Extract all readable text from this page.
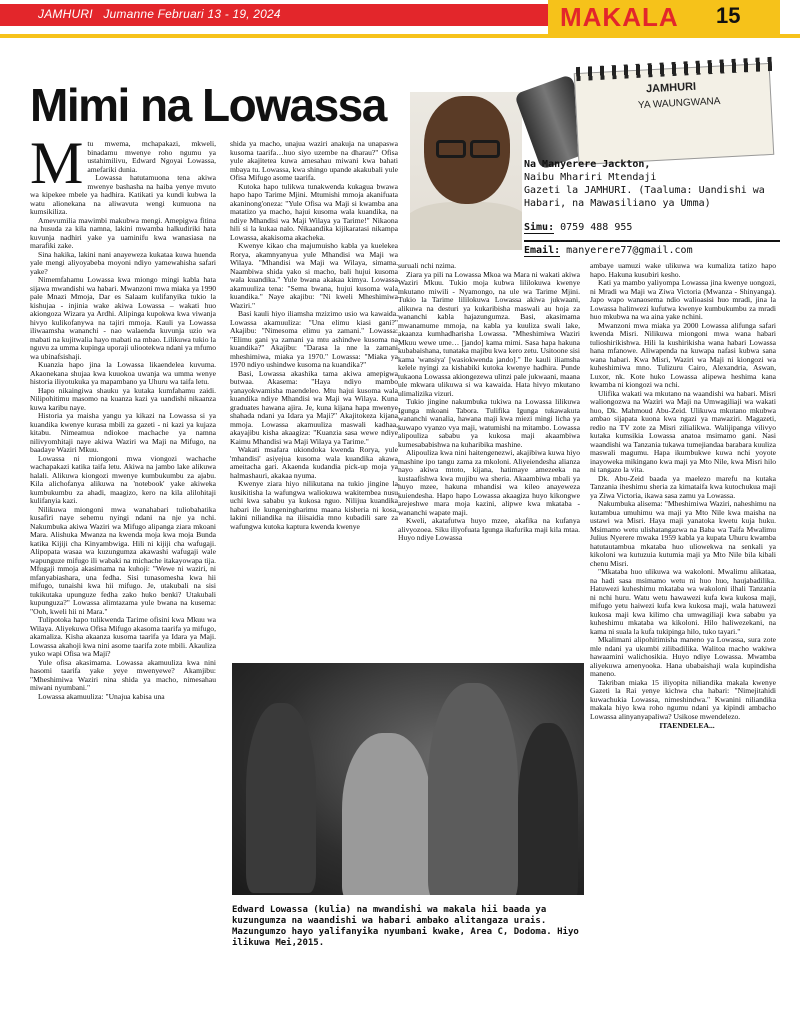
JAMHURI Jumanne Februari 13 - 19, 2024	MAKALA 15
Mimi na Lowassa	JAMHURI
YA WAUNGWANA
Na Manyerere Jackton,
Naibu Mhariri Mtendaji
Gazeti la JAMHURI. (Taaluma: Uandishi wa Habari, na Mawasiliano ya Umma)
Simu: 0759 488 955
Email: manyerere77@gmail.com
M tu mwema, mchapakazi, mkweli, binadamu mwenye roho ngumu ya ustahimilivu, Edward Ngoyai Lowassa, amefariki dunia.

Lowassa hatutamuona tena akiwa mwenye bashasha na haiba yenye mvuto wa kipekee mbele ya hadhira. Katikati ya kundi kubwa la watu alionekana na aliwavuta wengi kumuona na kumsikiliza.

Amevumilia mawimbi makubwa mengi. Amepigwa fitina na husuda za kila namna, lakini mwamba halkudiriki hata kuvunja nadhiri yake ya uaminifu kwa wanasiasa na marafiki zake.

Sina hakika, lakini nani anayeweza kukataa kuwa huenda yale mengi aliyoyabeba moyoni ndiyo yamewahisha safari yake?

Nimemfahamu Lowassa kwa miongo mingi kabla hata sijawa mwandishi wa habari. Mwanzoni mwa miaka ya 1990 pale Mnazi Mmoja, Dar es Salaam kulifanyika tukio la kishujaa - injinia wake akiwa Lowassa – wakati huo akiongoza Wizara ya Ardhi. Alipinga kupokwa kwa viwanja hivyo kulikofanywa na tajiri mmoja. Kauli ya Lowassa iliwaamsha wananchi - nao walaenda kuvunja uzio wa mabati na kujitwalia hayo mabati na mbao. Lilikuwa tukio la nguvu za umma kupinga uporaji uliootekwa ndani ya mfumo wa ubinafsishaji.

Kuanzia hapo jina la Lowassa likaendelea kuvuma. Akaonekana shujaa kwa kuuokoa uwanja wa umma wenye historia iliyotukuka ya mapambano ya Uhuru wa taifa letu.

Hapo nikaingiwa shauku ya kutaka kumfahamu zaidi. Nilipohitimu masomo na kuanza kazi ya uandishi nikaanza kuwa karibu naye.

Historia ya maisha yangu ya kikazi na Lowassa si ya kuandika kwenye kurasa mbili za gazeti - ni kazi ya kujaza kitabu. Nimeamua ndiokoe machache ya namna nilivyomhitaji naye akiwa Waziri wa Maji na Mifugo, na baadaye Waziri Mkuu.

Lowassa ni miongoni mwa viongozi wachache wachapakazi katika taifa letu. Akiwa na jambo lake alikuwa halali. Alikuwa kiongozi mwenye kumbukumbu za ajabu. Kila alichofanya alikuwa na 'notebook' yake akiweka kumbukumbu za ahadi, maagizo, kero na kila alilohitaji kulifanyia kazi.

Nilikuwa miongoni mwa wanahabari tuliobahatika kusafiri naye sehemu nyingi ndani na nje ya nchi. Nakumbuka akiwa Waziri wa Mifugo alipanga ziara mkoani Mara. Alishuka Mwanza na kwenda moja kwa moja Bunda katika Kijiji cha Kinyambwiga. Hili ni kijiji cha wafugaji. Alipopata wasaa wa kuzungumza akawashi wafugaji wale wapunguze mifugo ili wabaki na michache itakayowapa tija. Mfugaji mmoja akasimama na kuhoji: "Wewe ni waziri, ni mfanyabiashara, una fedha. Sisi tunasomesha kwa hii mifugo, tunaishi kwa hii mifugo. Je, utakubali na sisi tukikutaka upunguze fedha zako huko benki? Utakubali kupunguza?" Lowassa alimtazama yule bwana na kusema: "Ooh, kweli hii ni Mara."

Tulipotoka hapo tulikwenda Tarime ofisini kwa Mkuu wa Wilaya. Aliyekuwa Ofisa Mifugo akasoma taarifa ya mifugo, akamaliza. Kisha akaanza kusoma taarifa ya Idara ya Maji. Lowassa akahoji kwa nini asome taarifa zote mbili. Akauliza yuko wapi Ofisa wa Maji?

Yule ofisa akasimama. Lowassa akamuuliza kwa nini hasomi taarifa yake yeye mwenyewe? Akamjibu: "Mheshimiwa Waziri nina shida ya macho, nimesahau miwani nyumbani."

Lowassa akamuuliza: "Unajua kabisa una

shida ya macho, unajua waziri anakuja na unapaswa kusoma taarifa…huo siyo uzembe na dharau?" Ofisa yule akajitetea kuwa amesahau miwani kwa bahati mbaya tu. Lowassa, kwa shingo upande akakubali yule Ofisa Mifugo asome taarifa.

Kutoka hapo tulikwa tunakwenda kukagua bwawa hapo hapo Tarime Mjini. Mtumishi mmoja akanifuata akaninong'oneza: "Yule Ofisa wa Maji si kwamba ana matatizo ya macho, hajui kusoma wala kuandika, na ndiye Mhandisi wa Maji Wilaya ya Tarime!" Nikaona hili si la kukaa nalo. Nikaandika kijikaratasi nikampa Lowassa, akakisoma akacheka.

Kwenye kikao cha majumuisho kabla ya kuelekea Rorya, akamnyanyua yule Mhandisi wa Maji wa Wilaya. "Mhandisi wa Maji wa Wilaya, simama. Naambiwa shida yako si macho, bali hujui kusoma wala kuandika." Yule bwana akakaa kimya. Lowassa akamuuliza tena: "Sema bwana, hujui kusoma wala kuandika." Naye akajibu: "Ni kweli Mheshimiwa Waziri."

Basi kauli hiyo iliamsha mzizimo usio wa kawaida. Lowassa akamuuliza: "Una elimu kiasi gani?" Akajibu: "Nimesoma elimu ya zamani." Lowassa: "Elimu gani ya zamani ya mtu ashindwe kusoma na kuandika?" Akajibu: "Darasa la nne la zamani mheshimiwa, miaka ya 1970." Lowassa: "Miaka ya 1970 ndiyo ushindwe kusoma na kuandika?"

Basi, Lowassa akashika tama akiwa amepigwa butwaa. Akasema: "Haya ndiyo mambo yanayokwamisha maendeleo. Mtu hajui kusoma wala kuandika ndiye Mhandisi wa Maji wa Wilaya. Kuna graduates hawana ajira. Je, kuna kijana hapa mwenye shahada ndani ya Idara ya Maji?" Akajitokeza kijana mmoja. Lowassa akamuuliza maswali kadhaa, akayajibu kisha akaagiza: "Kuanzia sasa wewe ndiye Kaimu Mhandisi wa Maji Wilaya ya Tarime."

Wakati msafara ukiondoka kwenda Rorya, yule 'mhandisi' asiyejua kusoma wala kuandika akawa ameitacha gari. Akaenda kudandia pick-up moja ya halmashauri, akakaa nyuma.

Kwenye ziara hiyo nilikutana na tukio jingine la kusikitisha la wafungwa waliokuwa wakitembea nusu uchi kwa sababu ya kukosa nguo. Nilijua kuandika habari ile kungeningharimu maana kisheria ni kosa, lakini niliandika na iliisaidia mno kubadili sare za wafungwa kutoka kaptura kwenda kwenye

suruali nchi nzima.

Ziara ya pili na Lowassa Mkoa wa Mara ni wakati akiwa Waziri Mkuu. Tukio moja kubwa lililokuwa kwenye mkutano miwili - Nyamongo, na ule wa Tarime Mjini. Tukio la Tarime lililokuwa Lowassa akiwa jukwaani, alikuwa na desturi ya kukaribisha maswali au hoja za wananchi kabla hajazungumza. Basi, akasimama mwanamume mmoja, na kabla ya kuuliza swali lake, akaanza kumhadharisha Lowassa. "Mheshimiwa Waziri Mkuu wewe ume… [jando] kama mimi. Sasa hapa hakuna kubabaishana, tunataka majibu kwa kero zetu. Usitoone sisi kama 'wansiya' [wasiokwenda jando]." Ile kauli iliamsha kelele nyingi za kishabiki kutoka kwenye hadhira. Punde tukaona Lowassa akiongezewa ulinzi pale jukwaani, maana ule mkwara ulikuwa si wa kawaida. Hata hivyo mkutano ulimalizika vizuri.

Tukio jingine nakumbuka tukiwa na Lowassa lilikuwa Igunga mkoani Tabora. Tulifika Igunga tukawakuta wananchi wanalia, hawana maji kwa miezi mingi licha ya kuwapo vyanzo vya maji, watumishi na mitambo. Lowassa alipouliza sababu ya kukosa maji akaambiwa kumesababishwa na kuharibika mashine.

Alipouliza kwa nini haitengenezwi, akajibiwa kuwa hiyo mashine ipo tangu zama za mkoloni. Aliyeiendesha alianza nayo akiwa mtoto, kijana, hatimaye amezeeka na kustaafishwa kwa mujibu wa sheria. Akaambiwa mbali ya huyo mzee, hakuna mhandisi wa kileo anayeweza kuiendesha. Hapo hapo Lowassa akaagiza huyo kikongwe arejeshwe mara moja kazini, alipwe kwa mkataba - wananchi wapate maji.

Kweli, akatafutwa huyo mzee, akafika na kufanya alivyozoea. Siku iliyofuata Igunga ikafurika maji kila mtaa. Huyo ndiye Lowassa

ambaye uamuzi wake ulikuwa wa kumaliza tatizo hapo hapo. Hakuna kusubiri kesho.

Kati ya mambo yaliyompa Lowassa jina kwenye uongozi, ni Mradi wa Maji wa Ziwa Victoria (Mwanza - Shinyanga). Japo wapo wanaosema ndio walioasisi huo mradi, jina la Lowassa halinwezi kufutwa kwenye kumbukumbu za mradi huo mkubwa na wa aina yake nchini.

Mwanzoni mwa miaka ya 2000 Lowassa alifunga safari kwenda Misri. Nilikuwa miongoni mwa wana habari tulioshirikishwa. Hili la kushirikisha wana habari Lowassa hana mfanowe. Aliwapenda na kuwapa nafasi kubwa sana wana habari. Kwa Misri, Waziri wa Maji ni kiongozi wa kuheshimiwa mno. Tulizuru Cairo, Alexandria, Aswan, Luxor, nk. Kote huko Lowassa alipewa heshima kana kwamba ni kiongozi wa nchi.

Ulifika wakati wa mkutano na waandishi wa habari. Misri waliongozwa na Waziri wa Maji na Umwagiliaji wa wakati huo, Dk. Mahmoud Abu-Zeid. Ulikuwa mkutano mkubwa ambao sijapata kuona kwa ngazi ya mawaziri. Magazeti, redio na TV zote za Misri zilialikwa. Walijipanga vilivyo kutaka kumsikia Lowassa anatoa msimamo gani. Nasi waandishi wa Tanzania tukawa tumejiandaa barabara kuuliza maswali magumu. Hapa ikumbukwe kuwa nchi yoyote inayoweka mikingano kwa maji ya Mto Nile, kwa Misri hilo ni tangazo la vita.

Dk. Abu-Zeid baada ya maelezo marefu na kutaka Tanzania iheshimu sheria za kimataifa kwa kutochukua maji ya Ziwa Victoria, ikawa sasa zamu ya Lowassa.

Nakumbuka alisema: "Mheshimiwa Waziri, naheshimu na kutambua umuhimu wa maji ya Mto Nile kwa maisha na ustawi wa Misri. Haya maji yanatoka kwetu kuja huku. Msimamo wetu ulishatangazwa na Baba wa Taifa Mwalimu Julius Nyerere mwaka 1959 kabla ya kupata Uhuru kwamba hatutautambua mkataba huo uliowekwa na senkali ya kikoloni wa kutuzuia kutumia maji ya Mto Nile bila kibali chenu Misri.

"Mkataba huo ulikuwa wa wakoloni. Mwalimu alikataa, na hadi sasa msimamo wetu ni huo huo, haujabadilika. Hatuwezi kuheshimu mkataba wa wakoloni ilhali Tanzania ni nchi huru. Watu wetu hawawezi kufa kwa kukosa maji, mifugo yetu haiwezi kufa kwa kukosa maji, wala hatuwezi kukosa maji kwa kilimo cha umwagiliaji kwa sababu ya kuheshimu mkataba wa kikoloni. Hilo haliwezekani, na kama ni suala la kufa tukipinga hilo, tuko tayari."

Mkalimani alipohitimisha maneno ya Lowassa, sura zote mle ndani ya ukumbi zilibadilika. Walitoa macho wakiwa hawaamini walichosikia. Huyo ndiye Lowassa. Mwamba aliyekuwa amenyooka. Hana ubabaishaji wala kupindisha maneno.

Takriban miaka 15 iliyopita niliandika makala kwenye Gazeti la Rai yenye kichwa cha habari: "Nimejitahidi kuwachukia Lowassa, nimeshindwa." Kwanini niliandika makala hiyo kwa roho ngumu ndani ya kipindi ambacho Lowassa alinyanyapaliwa? Usikose mwendelezo.

ITAENDELEA...

Edward Lowassa (kulia) na mwandishi wa makala hii baada ya kuzungumza na waandishi wa habari ambako alitangaza urais. Mazungumzo hayo yalifanyika nyumbani kwake, Area C, Dodoma. Hiyo ilikuwa Mei,2015.
